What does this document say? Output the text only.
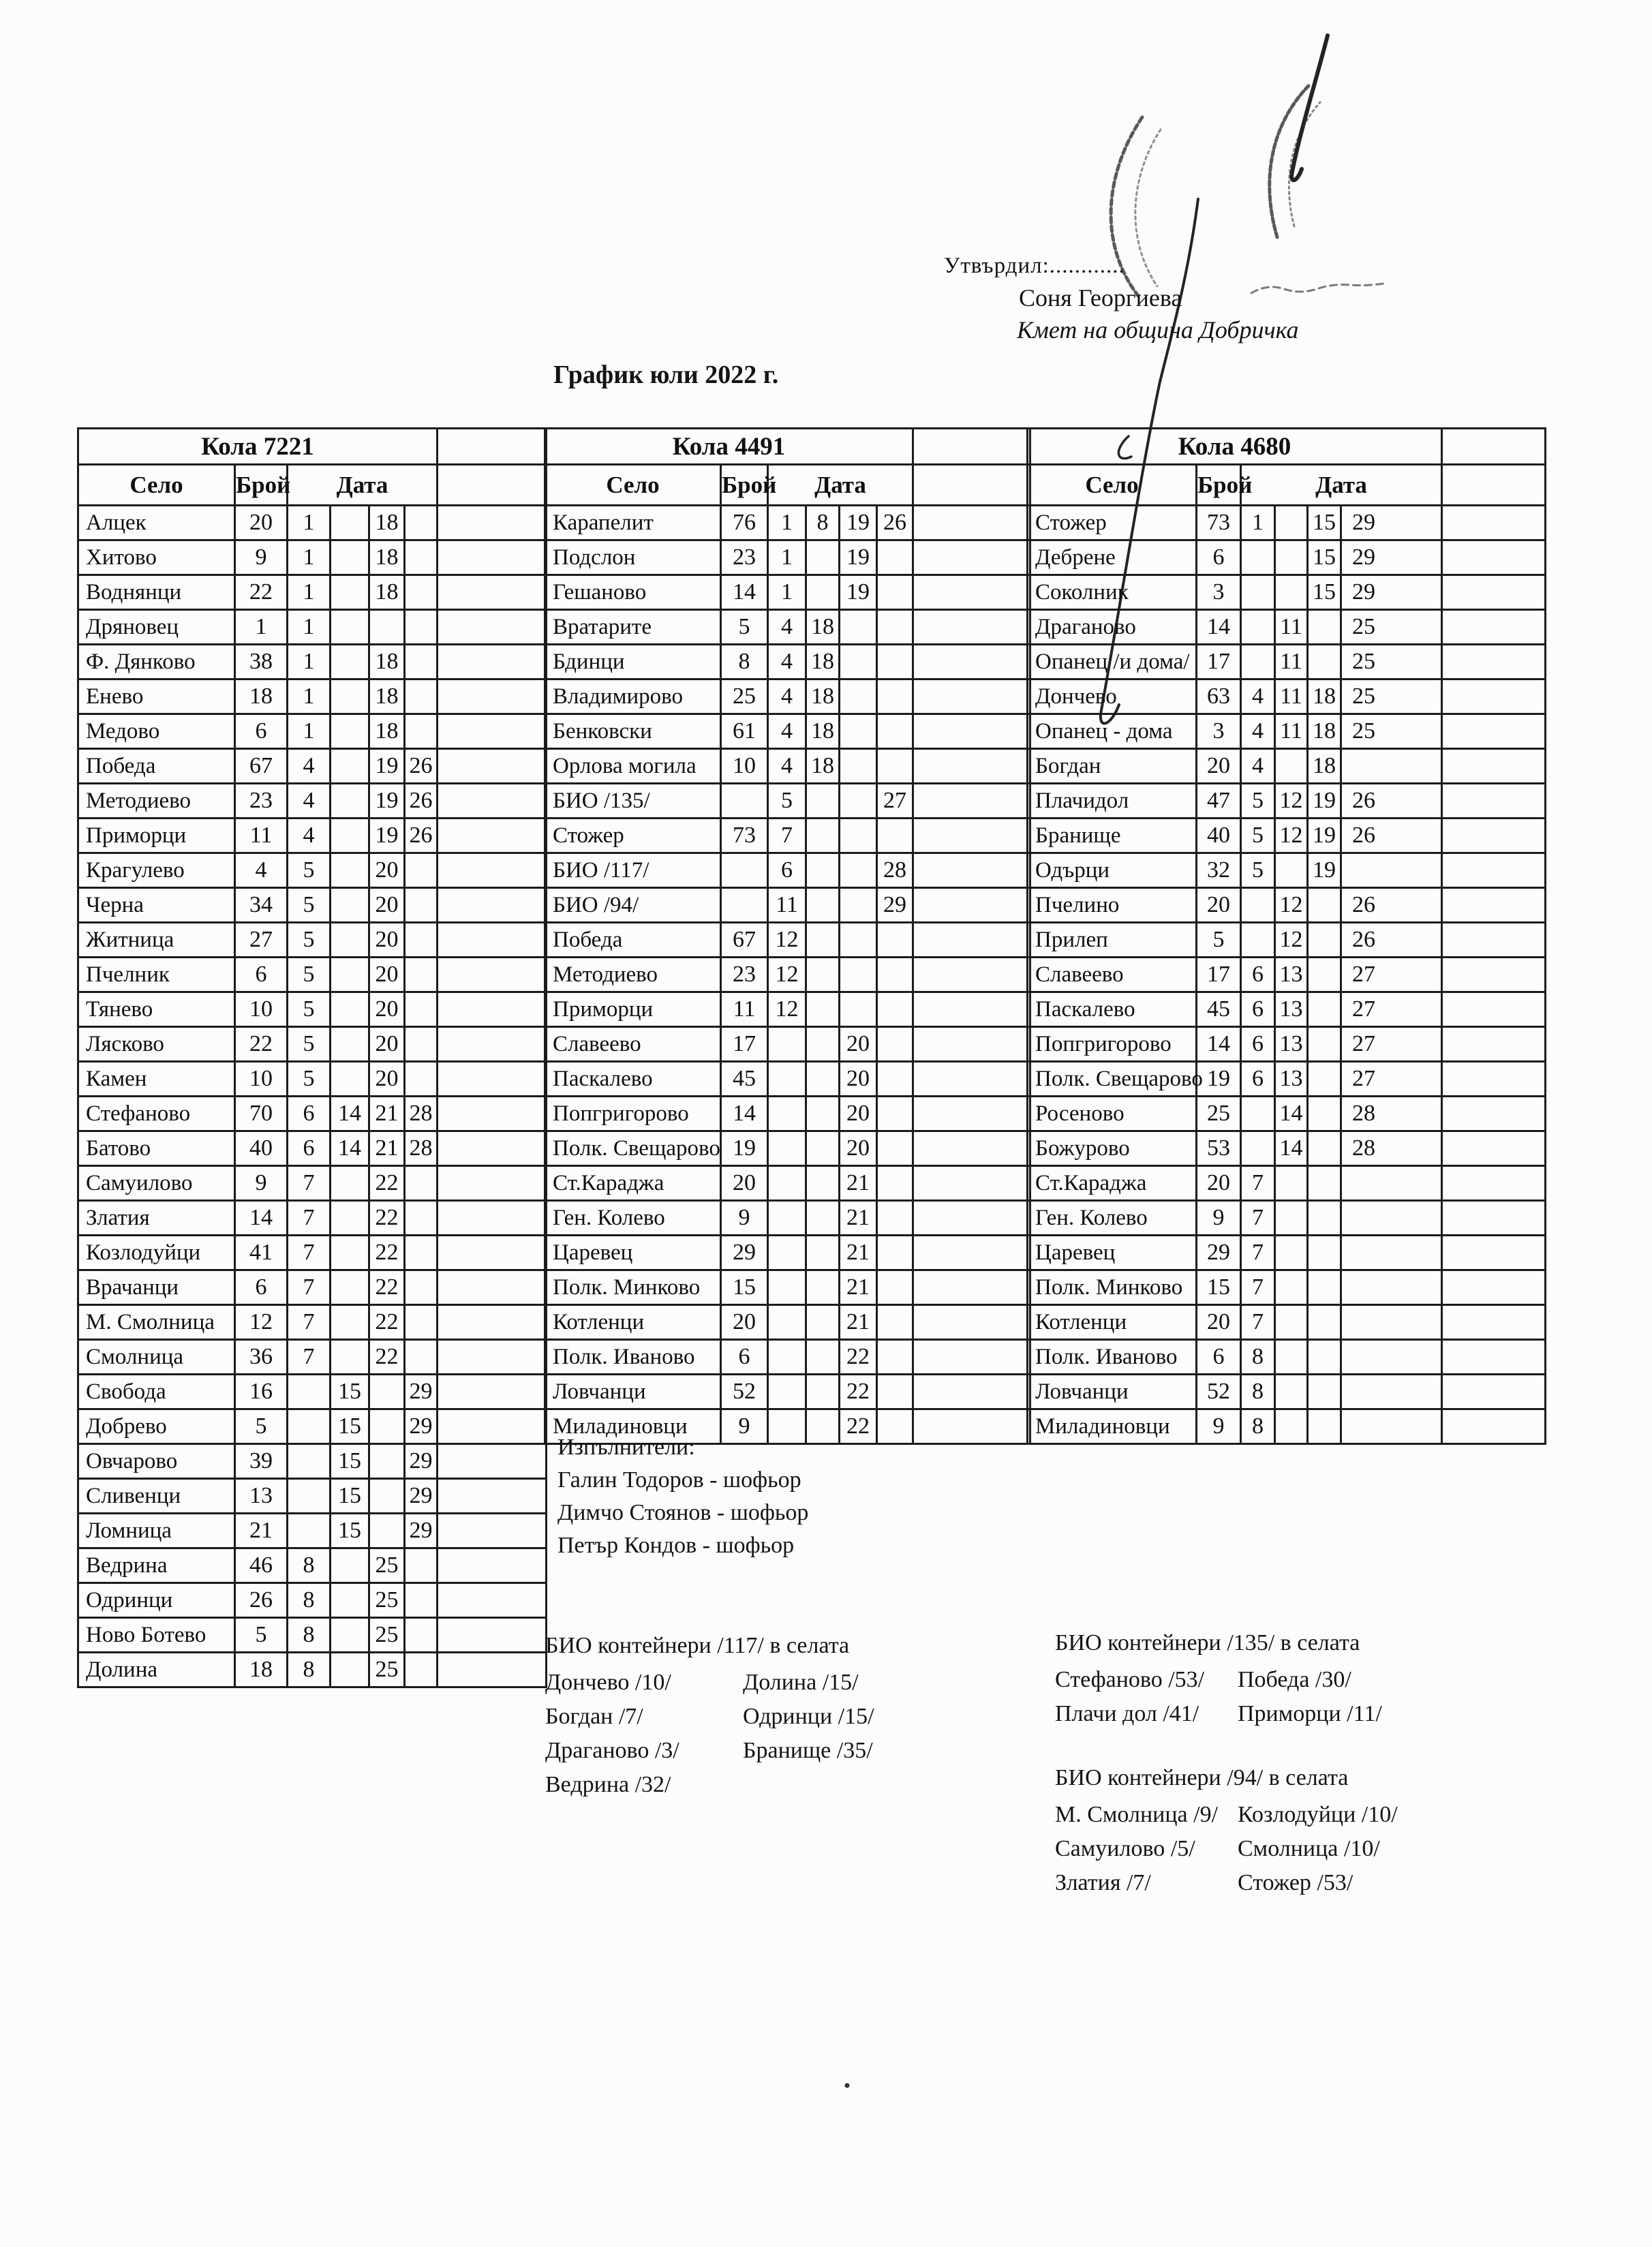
Утвърдил:............
Соня Георгиева
Кмет на община Добричка
График юли 2022 г.
Кола 7221						
Село	Брой	Дата				
Алцек	20	1		18		
Хитово	9	1		18		
Воднянци	22	1		18		
Дряновец	1	1				
Ф. Дянково	38	1		18		
Енево	18	1		18		
Медово	6	1		18		
Победа	67	4		19	26	
Методиево	23	4		19	26	
Приморци	11	4		19	26	
Крагулево	4	5		20		
Черна	34	5		20		
Житница	27	5		20		
Пчелник	6	5		20		
Тянево	10	5		20		
Лясково	22	5		20		
Камен	10	5		20		
Стефаново	70	6	14	21	28	
Батово	40	6	14	21	28	
Самуилово	9	7		22		
Златия	14	7		22		
Козлодуйци	41	7		22		
Врачанци	6	7		22		
М. Смолница	12	7		22		
Смолница	36	7		22		
Свобода	16		15		29	
Добрево	5		15		29	
Овчарово	39		15		29	
Сливенци	13		15		29	
Ломница	21		15		29	
Ведрина	46	8		25		
Одринци	26	8		25		
Ново Ботево	5	8		25		
Долина	18	8		25		
Кола 4491						
Село	Брой	Дата				
Карапелит	76	1	8	19	26	
Подслон	23	1		19		
Гешаново	14	1		19		
Вратарите	5	4	18			
Бдинци	8	4	18			
Владимирово	25	4	18			
Бенковски	61	4	18			
Орлова могила	10	4	18			
БИО /135/		5			27	
Стожер	73	7				
БИО /117/		6			28	
БИО /94/		11			29	
Победа	67	12				
Методиево	23	12				
Приморци	11	12				
Славеево	17			20		
Паскалево	45			20		
Попгригорово	14			20		
Полк. Свещарово	19			20		
Ст.Караджа	20			21		
Ген. Колево	9			21		
Царевец	29			21		
Полк. Минково	15			21		
Котленци	20			21		
Полк. Иваново	6			22		
Ловчанци	52			22		
Миладиновци	9			22		
Кола 4680						
Село	Брой	Дата				
Стожер	73	1		15	29	
Дебрене	6			15	29	
Соколник	3			15	29	
Драганово	14		11		25	
Опанец /и дома/	17		11		25	
Дончево	63	4	11	18	25	
Опанец - дома	3	4	11	18	25	
Богдан	20	4		18		
Плачидол	47	5	12	19	26	
Бранище	40	5	12	19	26	
Одърци	32	5		19		
Пчелино	20		12		26	
Прилеп	5		12		26	
Славеево	17	6	13		27	
Паскалево	45	6	13		27	
Попгригорово	14	6	13		27	
Полк. Свещарово	19	6	13		27	
Росеново	25		14		28	
Божурово	53		14		28	
Ст.Караджа	20	7				
Ген. Колево	9	7				
Царевец	29	7				
Полк. Минково	15	7				
Котленци	20	7				
Полк. Иваново	6	8				
Ловчанци	52	8				
Миладиновци	9	8				
Изпълнители:
Галин Тодоров - шофьор
Димчо Стоянов - шофьор
Петър Кондов - шофьор
БИО контейнери /117/ в селата
Дончево /10/
Богдан /7/
Драганово /3/
Ведрина /32/
Долина /15/
Одринци /15/
Бранище /35/
БИО контейнери /135/ в селата
Стефаново /53/
Плачи дол /41/
Победа /30/
Приморци /11/
БИО контейнери /94/ в селата
М. Смолница /9/
Самуилово /5/
Златия /7/
Козлодуйци /10/
Смолница /10/
Стожер /53/
